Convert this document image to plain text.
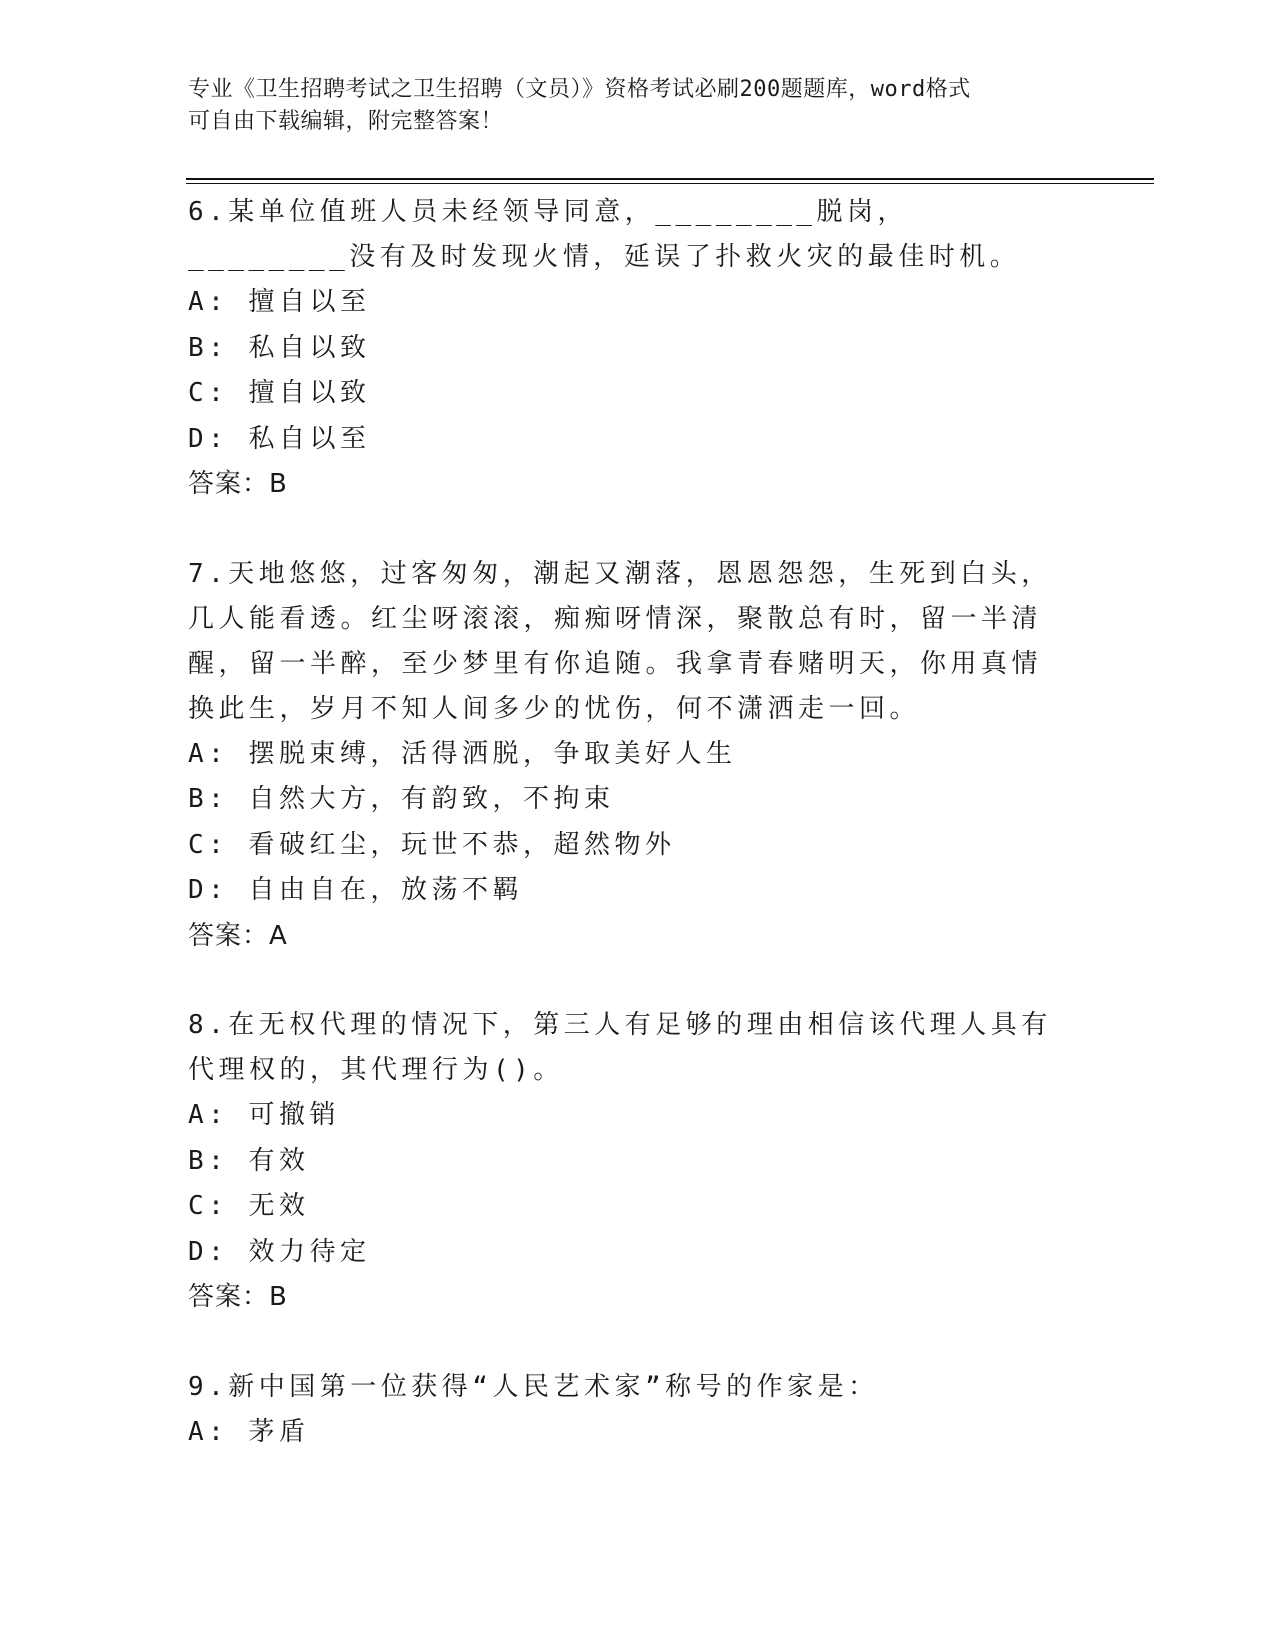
专业《卫生招聘考试之卫生招聘（文员）》资格考试必刷200题题库，word格式
可自由下载编辑，附完整答案！

6.某单位值班人员未经领导同意，________脱岗，________没有及时发现火情，延误了扑救火灾的最佳时机。

A: 擅自以至

B: 私自以致

C: 擅自以致

D: 私自以至

答案：B

7.天地悠悠，过客匆匆，潮起又潮落，恩恩怨怨，生死到白头，几人能看透。红尘呀滚滚，痴痴呀情深，聚散总有时，留一半清醒，留一半醉，至少梦里有你追随。我拿青春赌明天，你用真情换此生，岁月不知人间多少的忧伤，何不潇洒走一回。

A: 摆脱束缚，活得洒脱，争取美好人生

B: 自然大方，有韵致，不拘束

C: 看破红尘，玩世不恭，超然物外

D: 自由自在，放荡不羁

答案：A

8.在无权代理的情况下，第三人有足够的理由相信该代理人具有代理权的，其代理行为()。

A: 可撤销

B: 有效

C: 无效

D: 效力待定

答案：B

9.新中国第一位获得“人民艺术家”称号的作家是：

A: 茅盾
